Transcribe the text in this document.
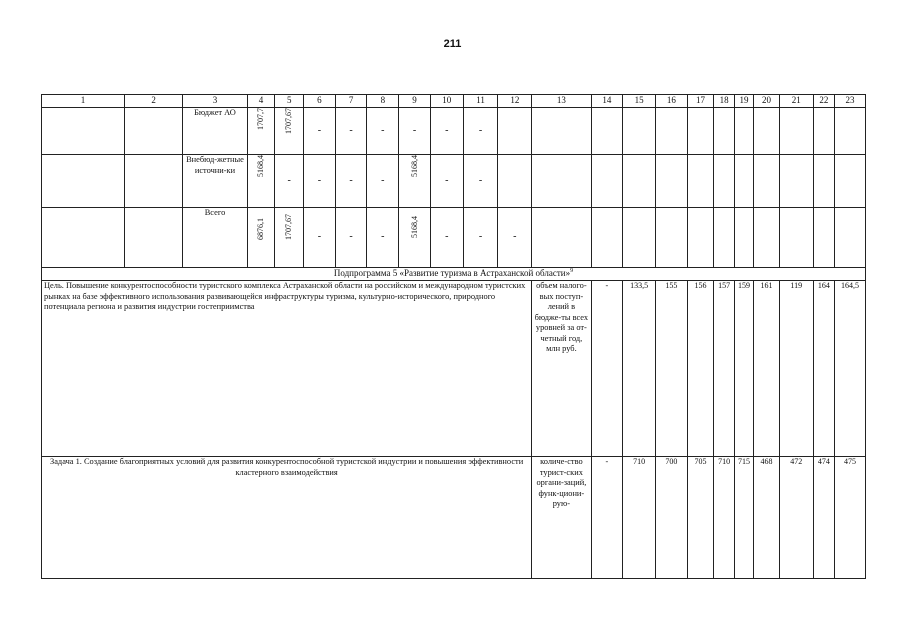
211
1	2	3	4	5	6	7	8	9	10	11	12	13	14	15	16	17	18	19	20	21	22	23
		Бюджет АО	1707,7	1707,67	-	-	-	-	-	-												
		Внебюд-жетные источни-ки	5168,4	-	-	-	-	5168,4	-	-												
		Всего	6876,1	1707,67	-	-	-	5168,4	-	-	-											
Подпрограмма 5 «Развитие туризма в Астраханской области»$^9$
Цель. Повышение конкурентоспособности туристского комплекса Астраханской области на российском и международном туристских рынках на базе эффективного использования развивающейся инфраструктуры туризма, культурно-исторического, природного потенциала региона и развития индустрии гостеприимства												объем налого-вых поступ-лений в бюдже-ты всех уровней за от-четный год, млн руб.	-	133,5	155	156	157	159	161	119	164	164,5
Задача 1. Создание благоприятных условий для развития конкурентоспособной туристской индустрии и повышения эффективности кластерного взаимодействия												количе-ство турист-ских органи-заций, функ-циони-рую-	-	710	700	705	710	715	468	472	474	475
